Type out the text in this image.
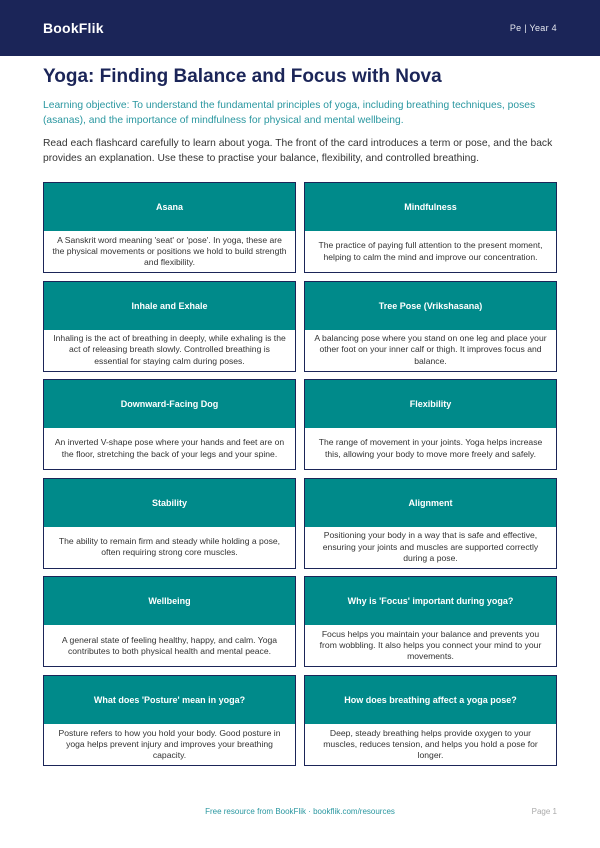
BookFlik	Pe | Year 4
Yoga: Finding Balance and Focus with Nova

Learning objective: To understand the fundamental principles of yoga, including breathing techniques, poses (asanas), and the importance of mindfulness for physical and mental wellbeing.

Read each flashcard carefully to learn about yoga. The front of the card introduces a term or pose, and the back provides an explanation. Use these to practise your balance, flexibility, and controlled breathing.

Asana
A Sanskrit word meaning 'seat' or 'pose'. In yoga, these are the physical movements or positions we hold to build strength and flexibility.
Mindfulness
The practice of paying full attention to the present moment, helping to calm the mind and improve our concentration.
Inhale and Exhale
Inhaling is the act of breathing in deeply, while exhaling is the act of releasing breath slowly. Controlled breathing is essential for staying calm during poses.
Tree Pose (Vrikshasana)
A balancing pose where you stand on one leg and place your other foot on your inner calf or thigh. It improves focus and balance.
Downward-Facing Dog
An inverted V-shape pose where your hands and feet are on the floor, stretching the back of your legs and your spine.
Flexibility
The range of movement in your joints. Yoga helps increase this, allowing your body to move more freely and safely.
Stability
The ability to remain firm and steady while holding a pose, often requiring strong core muscles.
Alignment
Positioning your body in a way that is safe and effective, ensuring your joints and muscles are supported correctly during a pose.
Wellbeing
A general state of feeling healthy, happy, and calm. Yoga contributes to both physical health and mental peace.
Why is 'Focus' important during yoga?
Focus helps you maintain your balance and prevents you from wobbling. It also helps you connect your mind to your movements.
What does 'Posture' mean in yoga?
Posture refers to how you hold your body. Good posture in yoga helps prevent injury and improves your breathing capacity.
How does breathing affect a yoga pose?
Deep, steady breathing helps provide oxygen to your muscles, reduces tension, and helps you hold a pose for longer.
Free resource from BookFlik · bookflik.com/resources	Page 1
